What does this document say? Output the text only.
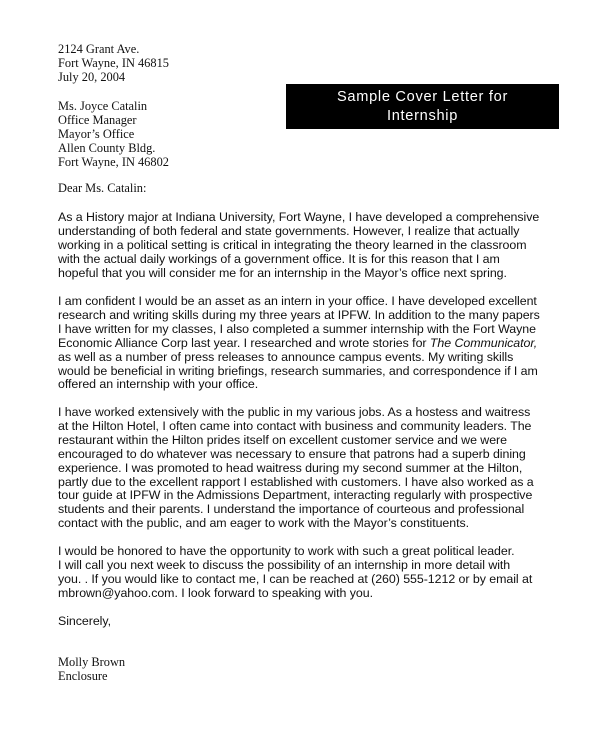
2124 Grant Ave.
Fort Wayne, IN 46815
July 20, 2004
Sample Cover Letter for
Internship
Ms. Joyce Catalin
Office Manager
Mayor’s Office
Allen County Bldg.
Fort Wayne, IN 46802
Dear Ms. Catalin:
As a History major at Indiana University, Fort Wayne, I have developed a comprehensive
understanding of both federal and state governments. However, I realize that actually
working in a political setting is critical in integrating the theory learned in the classroom
with the actual daily workings of a government office. It is for this reason that I am
hopeful that you will consider me for an internship in the Mayor’s office next spring.
I am confident I would be an asset as an intern in your office. I have developed excellent
research and writing skills during my three years at IPFW. In addition to the many papers
I have written for my classes, I also completed a summer internship with the Fort Wayne
Economic Alliance Corp last year. I researched and wrote stories for The Communicator,
as well as a number of press releases to announce campus events. My writing skills
would be beneficial in writing briefings, research summaries, and correspondence if I am
offered an internship with your office.
I have worked extensively with the public in my various jobs. As a hostess and waitress
at the Hilton Hotel, I often came into contact with business and community leaders. The
restaurant within the Hilton prides itself on excellent customer service and we were
encouraged to do whatever was necessary to ensure that patrons had a superb dining
experience. I was promoted to head waitress during my second summer at the Hilton,
partly due to the excellent rapport I established with customers. I have also worked as a
tour guide at IPFW in the Admissions Department, interacting regularly with prospective
students and their parents. I understand the importance of courteous and professional
contact with the public, and am eager to work with the Mayor’s constituents.
I would be honored to have the opportunity to work with such a great political leader.
I will call you next week to discuss the possibility of an internship in more detail with
you. . If you would like to contact me, I can be reached at (260) 555-1212 or by email at
mbrown@yahoo.com. I look forward to speaking with you.
Sincerely,
Molly Brown
Enclosure
